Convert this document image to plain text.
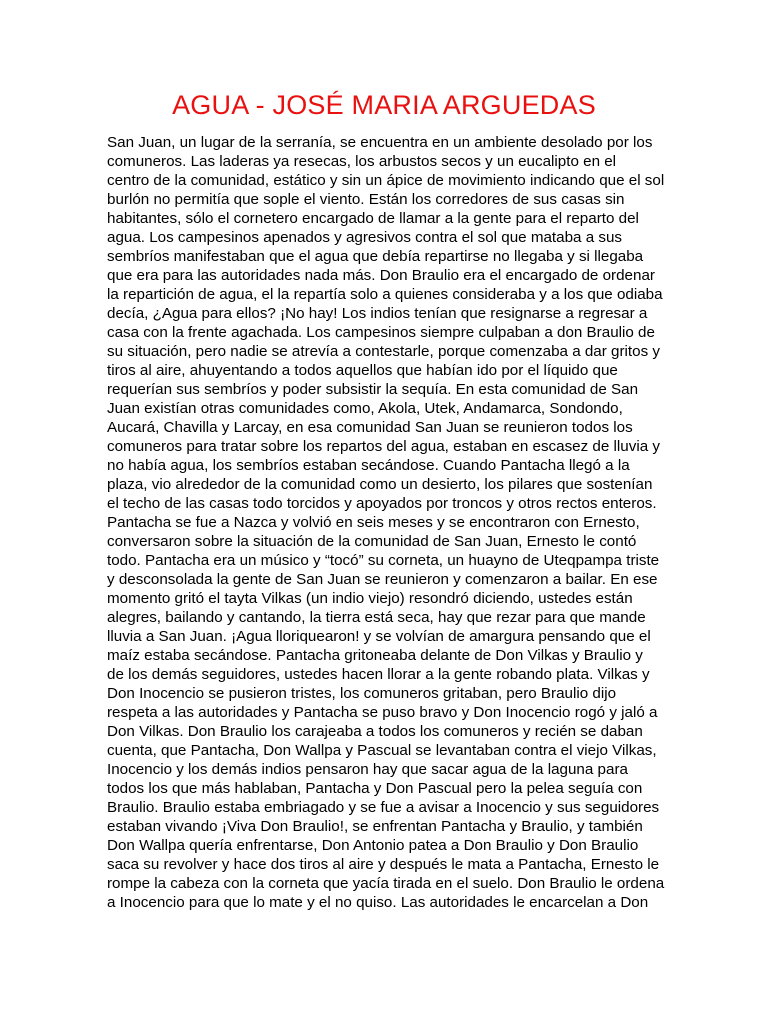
AGUA - JOSÉ MARIA ARGUEDAS
San Juan, un lugar de la serranía, se encuentra en un ambiente desolado por los
comuneros. Las laderas ya resecas, los arbustos secos y un eucalipto en el
centro de la comunidad, estático y sin un ápice de movimiento indicando que el sol
burlón no permitía que sople el viento. Están los corredores de sus casas sin
habitantes, sólo el cornetero encargado de llamar a la gente para el reparto del
agua. Los campesinos apenados y agresivos contra el sol que mataba a sus
sembríos manifestaban que el agua que debía repartirse no llegaba y si llegaba
que era para las autoridades nada más. Don Braulio era el encargado de ordenar
la repartición de agua, el la repartía solo a quienes consideraba y a los que odiaba
decía, ¿Agua para ellos? ¡No hay! Los indios tenían que resignarse a regresar a
casa con la frente agachada. Los campesinos siempre culpaban a don Braulio de
su situación, pero nadie se atrevía a contestarle, porque comenzaba a dar gritos y
tiros al aire, ahuyentando a todos aquellos que habían ido por el líquido que
requerían sus sembríos y poder subsistir la sequía. En esta comunidad de San
Juan existían otras comunidades como, Akola, Utek, Andamarca, Sondondo,
Aucará, Chavilla y Larcay, en esa comunidad San Juan se reunieron todos los
comuneros para tratar sobre los repartos del agua, estaban en escasez de lluvia y
no había agua, los sembríos estaban secándose. Cuando Pantacha llegó a la
plaza, vio alrededor de la comunidad como un desierto, los pilares que sostenían
el techo de las casas todo torcidos y apoyados por troncos y otros rectos enteros.
Pantacha se fue a Nazca y volvió en seis meses y se encontraron con Ernesto,
conversaron sobre la situación de la comunidad de San Juan, Ernesto le contó
todo. Pantacha era un músico y “tocó” su corneta, un huayno de Uteqpampa triste
y desconsolada la gente de San Juan se reunieron y comenzaron a bailar. En ese
momento gritó el tayta Vilkas (un indio viejo) resondró diciendo, ustedes están
alegres, bailando y cantando, la tierra está seca, hay que rezar para que mande
lluvia a San Juan. ¡Agua lloriquearon! y se volvían de amargura pensando que el
maíz estaba secándose. Pantacha gritoneaba delante de Don Vilkas y Braulio y
de los demás seguidores, ustedes hacen llorar a la gente robando plata. Vilkas y
Don Inocencio se pusieron tristes, los comuneros gritaban, pero Braulio dijo
respeta a las autoridades y Pantacha se puso bravo y Don Inocencio rogó y jaló a
Don Vilkas. Don Braulio los carajeaba a todos los comuneros y recién se daban
cuenta, que Pantacha, Don Wallpa y Pascual se levantaban contra el viejo Vilkas,
Inocencio y los demás indios pensaron hay que sacar agua de la laguna para
todos los que más hablaban, Pantacha y Don Pascual pero la pelea seguía con
Braulio. Braulio estaba embriagado y se fue a avisar a Inocencio y sus seguidores
estaban vivando ¡Viva Don Braulio!, se enfrentan Pantacha y Braulio, y también
Don Wallpa quería enfrentarse, Don Antonio patea a Don Braulio y Don Braulio
saca su revolver y hace dos tiros al aire y después le mata a Pantacha, Ernesto le
rompe la cabeza con la corneta que yacía tirada en el suelo. Don Braulio le ordena
a Inocencio para que lo mate y el no quiso. Las autoridades le encarcelan a Don
